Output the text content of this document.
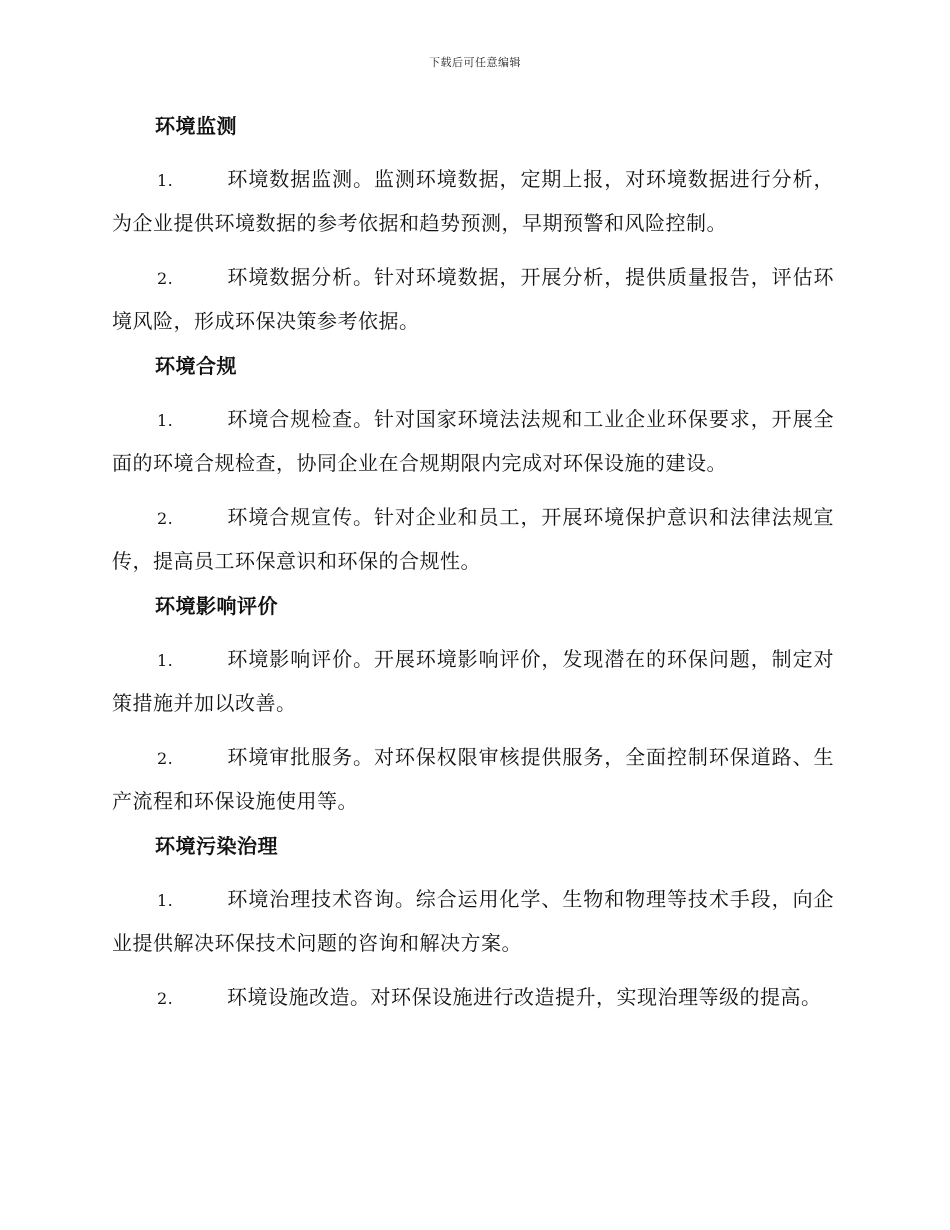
下载后可任意编辑
环境监测

1.	环境数据监测。监测环境数据，定期上报，对环境数据进行分析，为企业提供环境数据的参考依据和趋势预测，早期预警和风险控制。

2.	环境数据分析。针对环境数据，开展分析，提供质量报告，评估环境风险，形成环保决策参考依据。

环境合规

1.	环境合规检查。针对国家环境法法规和工业企业环保要求，开展全面的环境合规检查，协同企业在合规期限内完成对环保设施的建设。

2.	环境合规宣传。针对企业和员工，开展环境保护意识和法律法规宣传，提高员工环保意识和环保的合规性。

环境影响评价

1.	环境影响评价。开展环境影响评价，发现潜在的环保问题，制定对策措施并加以改善。

2.	环境审批服务。对环保权限审核提供服务，全面控制环保道路、生产流程和环保设施使用等。

环境污染治理

1.	环境治理技术咨询。综合运用化学、生物和物理等技术手段，向企业提供解决环保技术问题的咨询和解决方案。

2.	环境设施改造。对环保设施进行改造提升，实现治理等级的提高。
